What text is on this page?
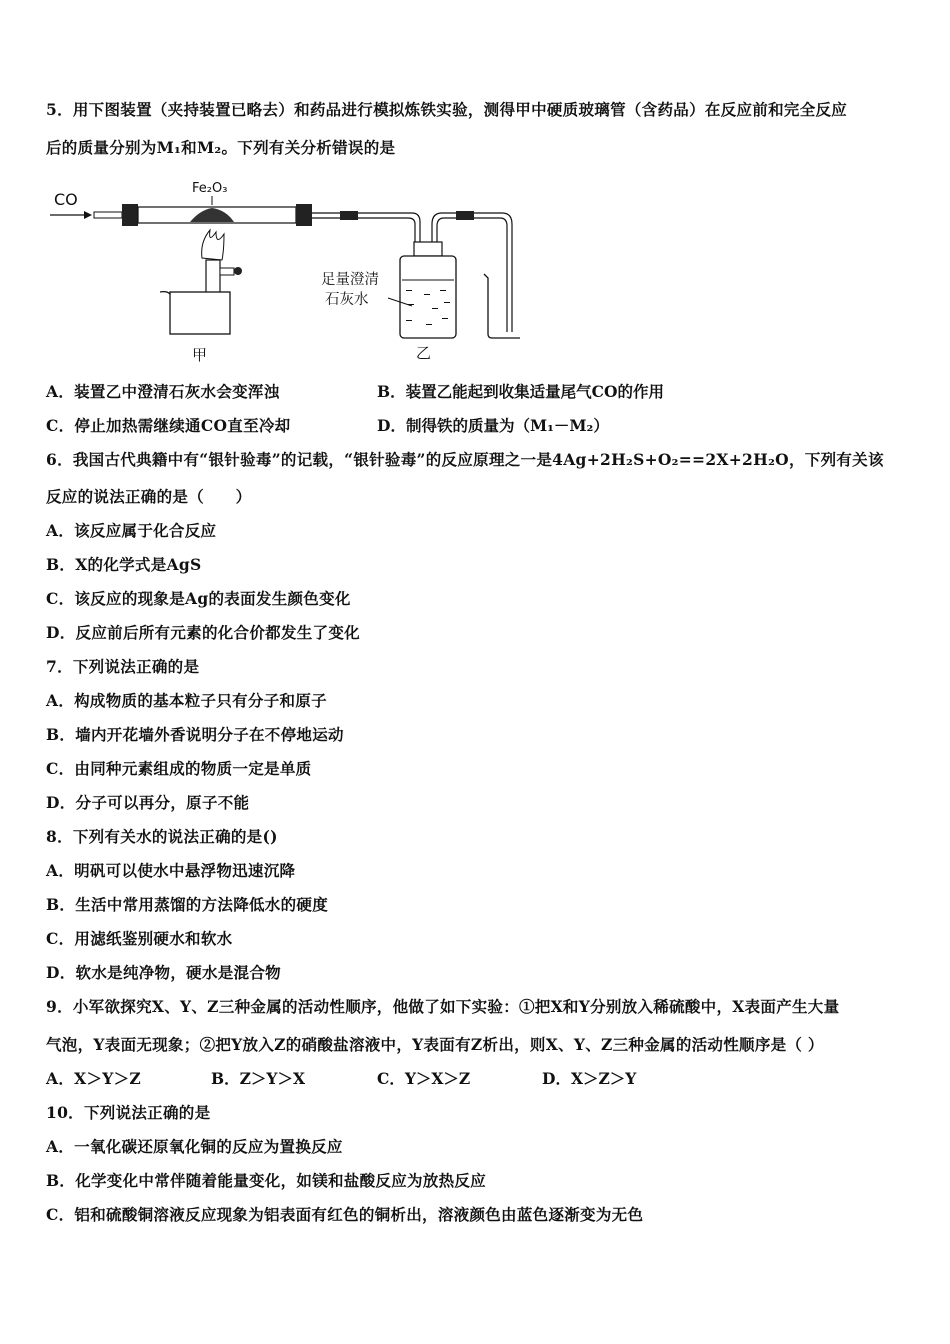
5．用下图装置（夹持装置已略去）和药品进行模拟炼铁实验，测得甲中硬质玻璃管（含药品）在反应前和完全反应
后的质量分别为M₁和M₂。下列有关分析错误的是
CO
Fe₂O₃
甲
足量澄清
石灰水
乙
A．装置乙中澄清石灰水会变浑浊	B．装置乙能起到收集适量尾气CO的作用
C．停止加热需继续通CO直至冷却	D．制得铁的质量为（M₁－M₂）
6．我国古代典籍中有“银针验毒”的记载，“银针验毒”的反应原理之一是4Ag+2H₂S+O₂==2X+2H₂O，下列有关该
反应的说法正确的是（　　）
A．该反应属于化合反应
B．X的化学式是AgS
C．该反应的现象是Ag的表面发生颜色变化
D．反应前后所有元素的化合价都发生了变化
7．下列说法正确的是
A．构成物质的基本粒子只有分子和原子
B．墙内开花墙外香说明分子在不停地运动
C．由同种元素组成的物质一定是单质
D．分子可以再分，原子不能
8．下列有关水的说法正确的是()
A．明矾可以使水中悬浮物迅速沉降
B．生活中常用蒸馏的方法降低水的硬度
C．用滤纸鉴别硬水和软水
D．软水是纯净物，硬水是混合物
9．小军欲探究X、Y、Z三种金属的活动性顺序，他做了如下实验：①把X和Y分别放入稀硫酸中，X表面产生大量
气泡，Y表面无现象；②把Y放入Z的硝酸盐溶液中，Y表面有Z析出，则X、Y、Z三种金属的活动性顺序是（ ）
A．X＞Y＞Z	B．Z＞Y＞X	C．Y＞X＞Z	D．X＞Z＞Y
10．下列说法正确的是
A．一氧化碳还原氧化铜的反应为置换反应
B．化学变化中常伴随着能量变化，如镁和盐酸反应为放热反应
C．铝和硫酸铜溶液反应现象为铝表面有红色的铜析出，溶液颜色由蓝色逐渐变为无色
